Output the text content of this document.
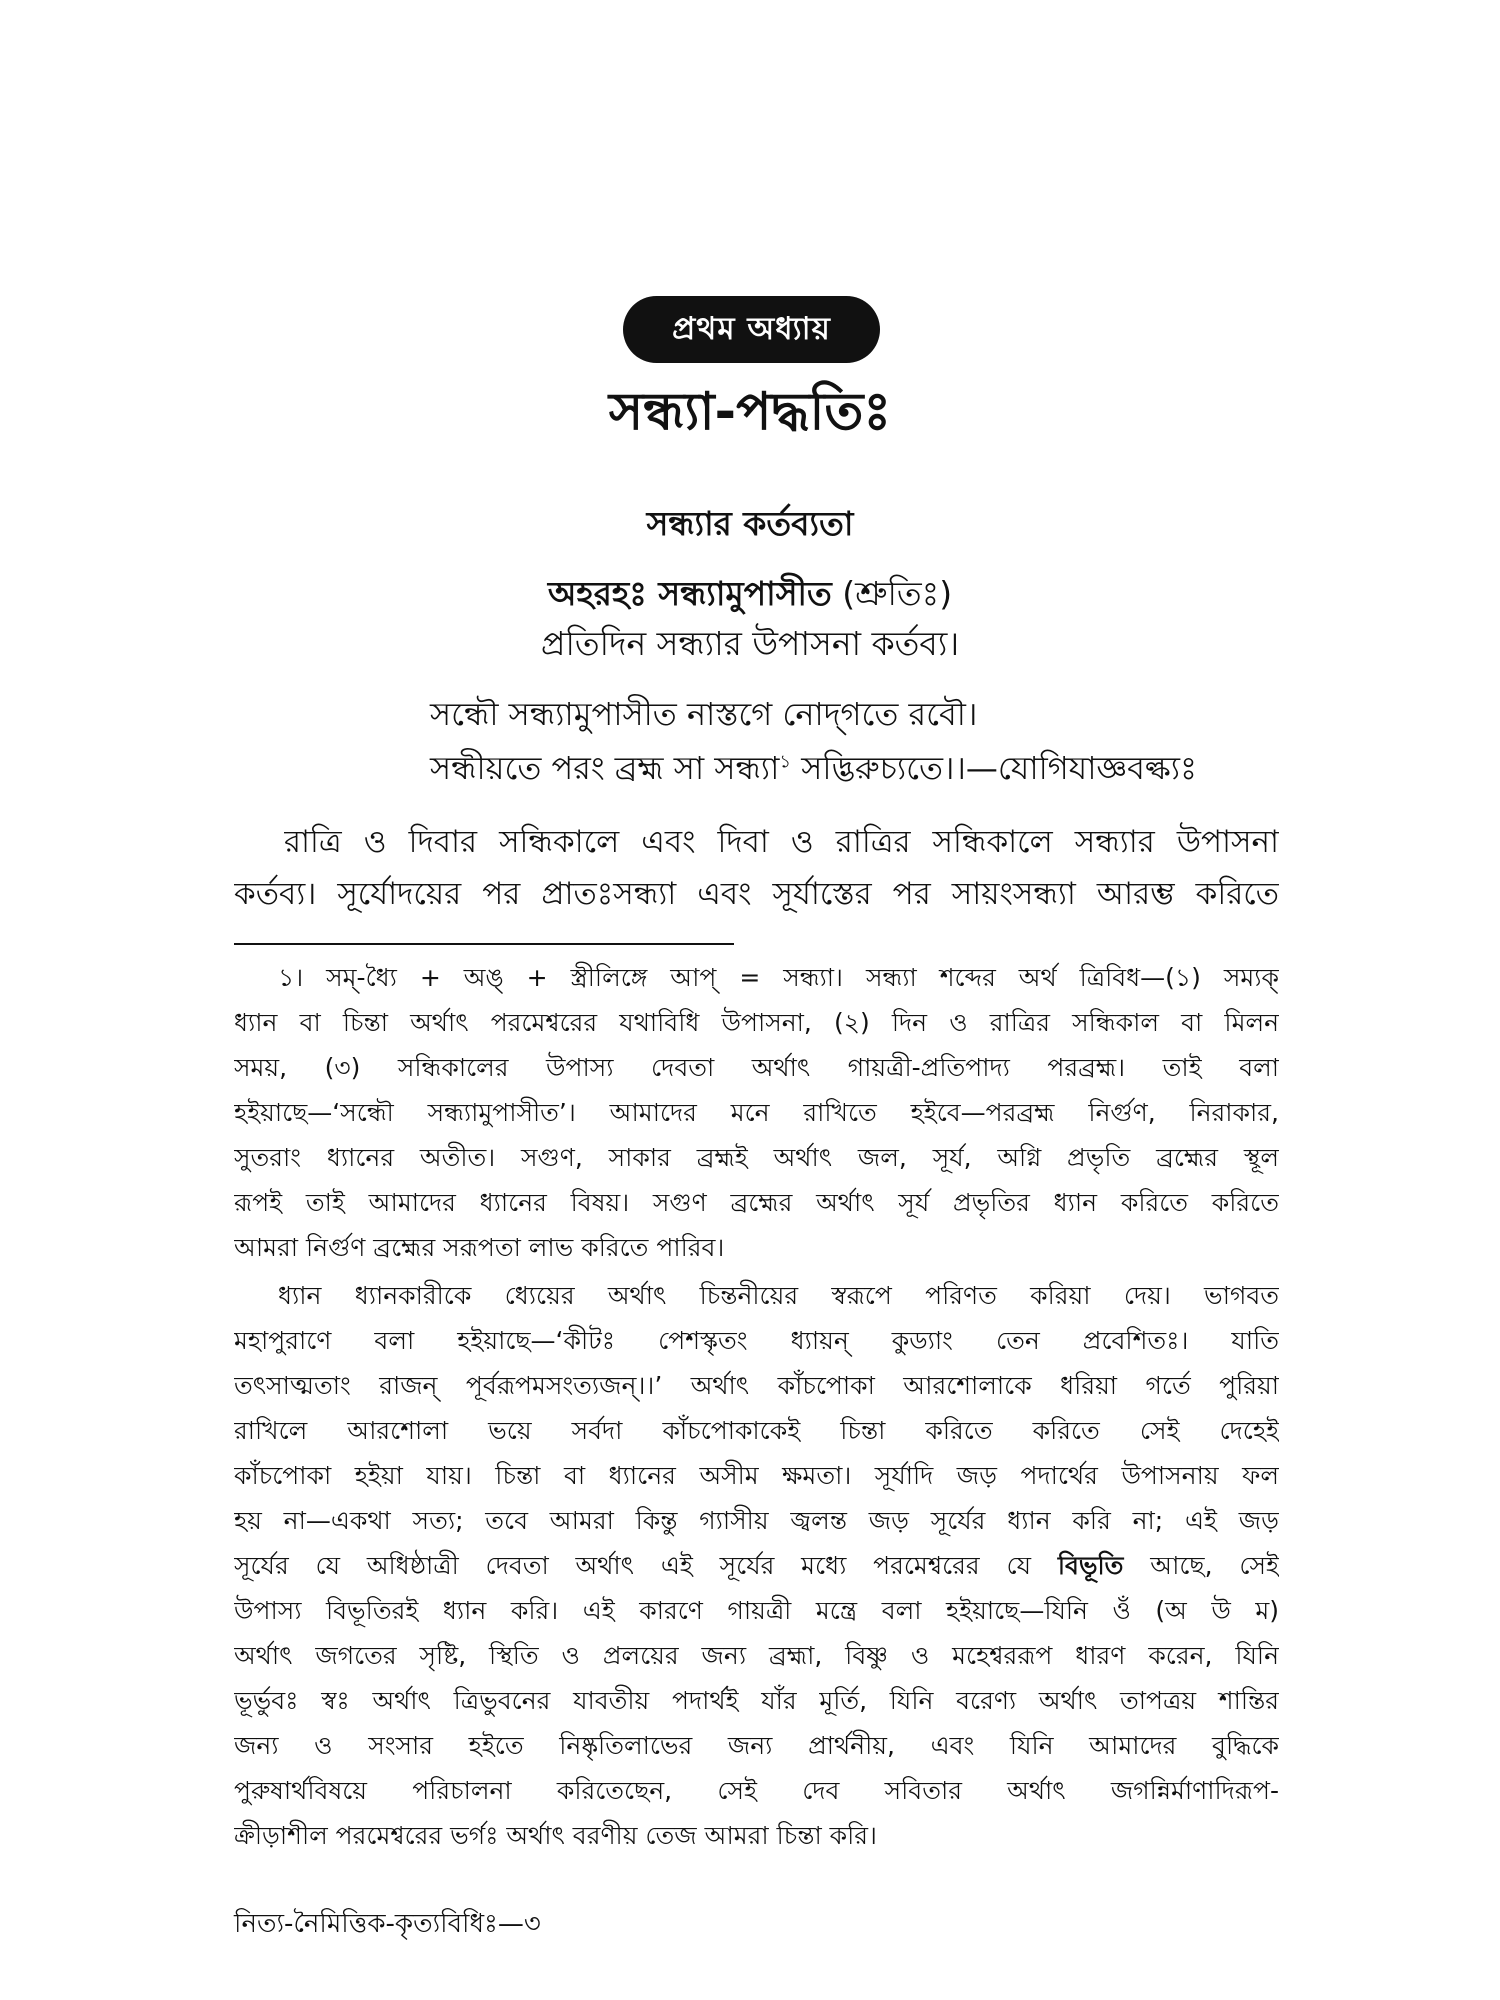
প্রথম অধ্যায়
সন্ধ্যা-পদ্ধতিঃ
সন্ধ্যার কর্তব্যতা
অহরহঃ সন্ধ্যামুপাসীত (শ্রুতিঃ)
প্রতিদিন সন্ধ্যার উপাসনা কর্তব্য।
সন্ধৌ সন্ধ্যামুপাসীত নাস্তগে নোদ্‌গতে রবৌ।
সন্ধীয়তে পরং ব্রহ্ম সা সন্ধ্যা$^১$ সদ্ভিরুচ্যতে।।—যোগিযাজ্ঞবল্ক্যঃ
রাত্রি ও দিবার সন্ধিকালে এবং দিবা ও রাত্রির সন্ধিকালে সন্ধ্যার উপাসনা
কর্তব্য। সূর্যোদয়ের পর প্রাতঃসন্ধ্যা এবং সূর্যাস্তের পর সায়ংসন্ধ্যা আরম্ভ করিতে
১। সম্‌-ধ্যৈ + অঙ্‌ + স্ত্রীলিঙ্গে আপ্‌ = সন্ধ্যা। সন্ধ্যা শব্দের অর্থ ত্রিবিধ—(১) সম্যক্‌
ধ্যান বা চিন্তা অর্থাৎ পরমেশ্বরের যথাবিধি উপাসনা, (২) দিন ও রাত্রির সন্ধিকাল বা মিলন
সময়, (৩) সন্ধিকালের উপাস্য দেবতা অর্থাৎ গায়ত্রী-প্রতিপাদ্য পরব্রহ্ম। তাই বলা
হইয়াছে—‘সন্ধৌ সন্ধ্যামুপাসীত’। আমাদের মনে রাখিতে হইবে—পরব্রহ্ম নির্গুণ, নিরাকার,
সুতরাং ধ্যানের অতীত। সগুণ, সাকার ব্রহ্মই অর্থাৎ জল, সূর্য, অগ্নি প্রভৃতি ব্রহ্মের স্থূল
রূপই তাই আমাদের ধ্যানের বিষয়। সগুণ ব্রহ্মের অর্থাৎ সূর্য প্রভৃতির ধ্যান করিতে করিতে
আমরা নির্গুণ ব্রহ্মের সরূপতা লাভ করিতে পারিব।
ধ্যান ধ্যানকারীকে ধ্যেয়ের অর্থাৎ চিন্তনীয়ের স্বরূপে পরিণত করিয়া দেয়। ভাগবত
মহাপুরাণে বলা হইয়াছে—‘কীটঃ পেশস্কৃতং ধ্যায়ন্‌ কুড্যাং তেন প্রবেশিতঃ। যাতি
তৎসাত্মতাং রাজন্‌ পূর্বরূপমসংত্যজন্‌।।’ অর্থাৎ কাঁচপোকা আরশোলাকে ধরিয়া গর্তে পুরিয়া
রাখিলে আরশোলা ভয়ে সর্বদা কাঁচপোকাকেই চিন্তা করিতে করিতে সেই দেহেই
কাঁচপোকা হইয়া যায়। চিন্তা বা ধ্যানের অসীম ক্ষমতা। সূর্যাদি জড় পদার্থের উপাসনায় ফল
হয় না—একথা সত্য; তবে আমরা কিন্তু গ্যাসীয় জ্বলন্ত জড় সূর্যের ধ্যান করি না; এই জড়
সূর্যের যে অধিষ্ঠাত্রী দেবতা অর্থাৎ এই সূর্যের মধ্যে পরমেশ্বরের যে বিভূতি আছে, সেই
উপাস্য বিভূতিরই ধ্যান করি। এই কারণে গায়ত্রী মন্ত্রে বলা হইয়াছে—যিনি ওঁ (অ উ ম)
অর্থাৎ জগতের সৃষ্টি, স্থিতি ও প্রলয়ের জন্য ব্রহ্মা, বিষ্ণু ও মহেশ্বররূপ ধারণ করেন, যিনি
ভূর্ভুবঃ স্বঃ অর্থাৎ ত্রিভুবনের যাবতীয় পদার্থই যাঁর মূর্তি, যিনি বরেণ্য অর্থাৎ তাপত্রয় শান্তির
জন্য ও সংসার হইতে নিষ্কৃতিলাভের জন্য প্রার্থনীয়, এবং যিনি আমাদের বুদ্ধিকে
পুরুষার্থবিষয়ে পরিচালনা করিতেছেন, সেই দেব সবিতার অর্থাৎ জগন্নির্মাণাদিরূপ-
ক্রীড়াশীল পরমেশ্বরের ভর্গঃ অর্থাৎ বরণীয় তেজ আমরা চিন্তা করি।
নিত্য-নৈমিত্তিক-কৃত্যবিধিঃ—৩
